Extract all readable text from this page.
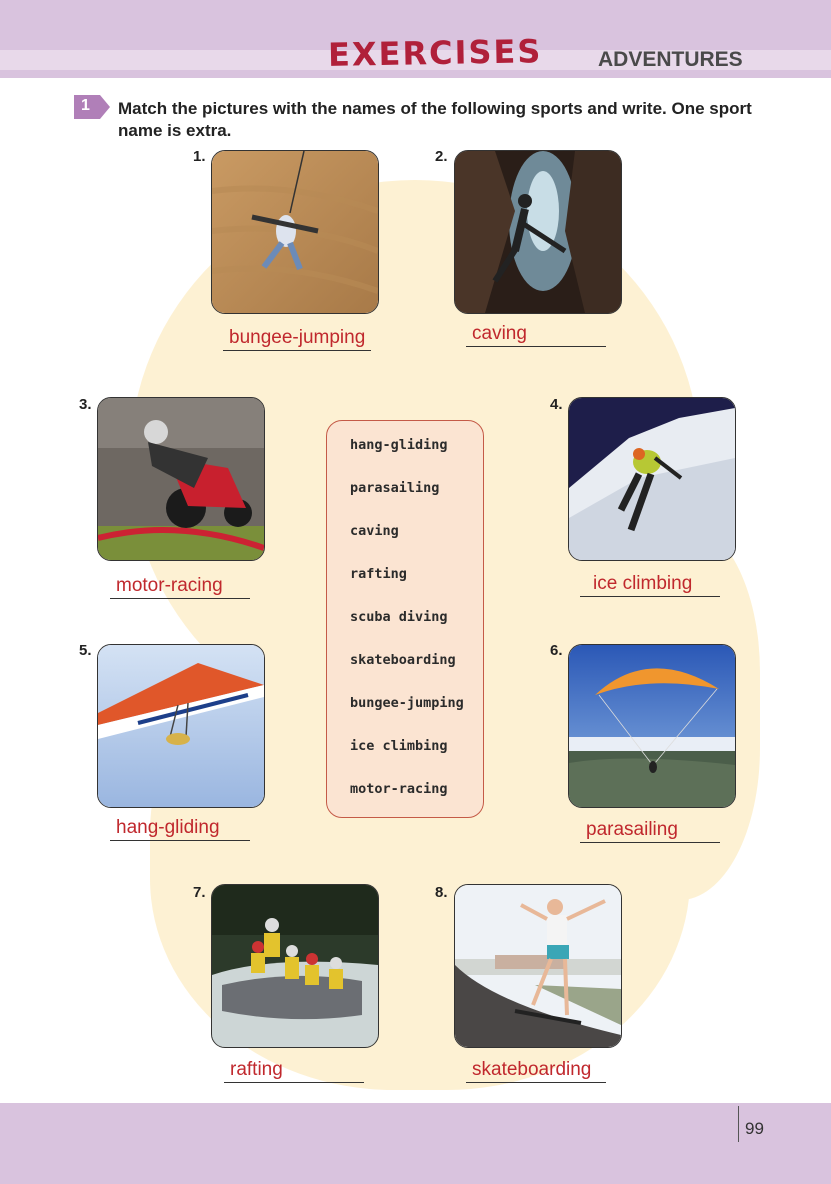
EXERCISES	ADVENTURES
1 Match the pictures with the names of the following sports and write. One sport name is extra.
1.
bungee-jumping
2.
caving
3.
motor-racing
4.
ice climbing
5.
hang-gliding
6.
parasailing
7.
rafting
8.
skateboarding
hang-gliding
parasailing
caving
rafting
scuba diving
skateboarding
bungee-jumping
ice climbing
motor-racing
99
